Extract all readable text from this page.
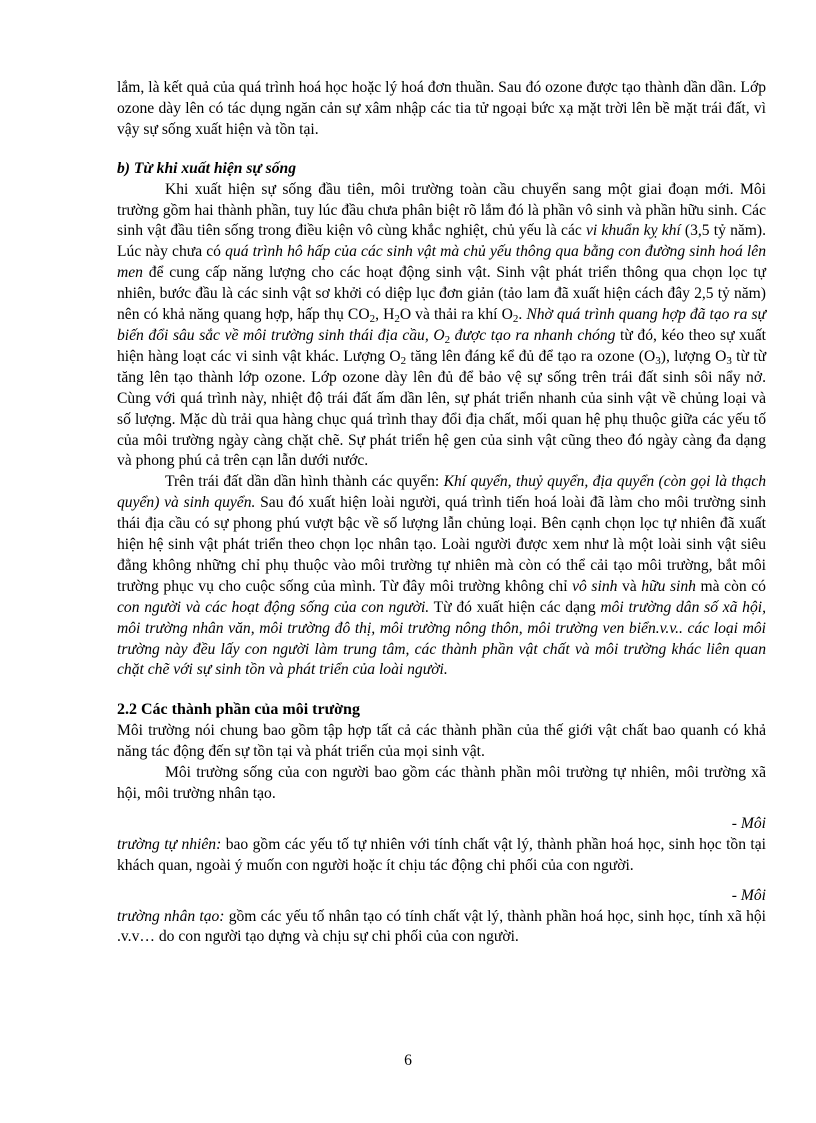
lắm, là kết quả của quá trình hoá học hoặc lý hoá đơn thuần. Sau đó ozone được tạo thành dần dần. Lớp ozone dày lên có tác dụng ngăn cản sự xâm nhập các tia tử ngoại bức xạ mặt trời lên bề mặt trái đất, vì vậy sự sống xuất hiện và tồn tại.

b) Từ khi xuất hiện sự sống

Khi xuất hiện sự sống đầu tiên, môi trường toàn cầu chuyển sang một giai đoạn mới. Môi trường gồm hai thành phần, tuy lúc đầu chưa phân biệt rõ lắm đó là phần vô sinh và phần hữu sinh. Các sinh vật đầu tiên sống trong điều kiện vô cùng khắc nghiệt, chủ yếu là các vi khuẩn kỵ khí (3,5 tỷ năm). Lúc này chưa có quá trình hô hấp của các sinh vật mà chủ yếu thông qua bằng con đường sinh hoá lên men để cung cấp năng lượng cho các hoạt động sinh vật. Sinh vật phát triển thông qua chọn lọc tự nhiên, bước đầu là các sinh vật sơ khởi có diệp lục đơn giản (tảo lam đã xuất hiện cách đây 2,5 tỷ năm) nên có khả năng quang hợp, hấp thụ $CO_2$, $H_2O$ và thải ra khí $O_2$. Nhờ quá trình quang hợp đã tạo ra sự biến đổi sâu sắc về môi trường sinh thái địa cầu, $O_2$ được tạo ra nhanh chóng từ đó, kéo theo sự xuất hiện hàng loạt các vi sinh vật khác. Lượng $O_2$ tăng lên đáng kể đủ để tạo ra ozone $(O_3)$, lượng $O_3$ từ từ tăng lên tạo thành lớp ozone. Lớp ozone dày lên đủ để bảo vệ sự sống trên trái đất sinh sôi nẩy nở. Cùng với quá trình này, nhiệt độ trái đất ấm dần lên, sự phát triển nhanh của sinh vật về chủng loại và số lượng. Mặc dù trải qua hàng chục quá trình thay đổi địa chất, mối quan hệ phụ thuộc giữa các yếu tố của môi trường ngày càng chặt chẽ. Sự phát triển hệ gen của sinh vật cũng theo đó ngày càng đa dạng và phong phú cả trên cạn lẫn dưới nước.

Trên trái đất dần dần hình thành các quyển: Khí quyển, thuỷ quyển, địa quyển (còn gọi là thạch quyển) và sinh quyển. Sau đó xuất hiện loài người, quá trình tiến hoá loài đã làm cho môi trường sinh thái địa cầu có sự phong phú vượt bậc về số lượng lẫn chủng loại. Bên cạnh chọn lọc tự nhiên đã xuất hiện hệ sinh vật phát triển theo chọn lọc nhân tạo. Loài người được xem như là một loài sinh vật siêu đẳng không những chỉ phụ thuộc vào môi trường tự nhiên mà còn có thể cải tạo môi trường, bắt môi trường phục vụ cho cuộc sống của mình. Từ đây môi trường không chỉ vô sinh và hữu sinh mà còn có con người và các hoạt động sống của con người. Từ đó xuất hiện các dạng môi trường dân số xã hội, môi trường nhân văn, môi trường đô thị, môi trường nông thôn, môi trường ven biển.v.v.. các loại môi trường này đều lấy con người làm trung tâm, các thành phần vật chất và môi trường khác liên quan chặt chẽ với sự sinh tồn và phát triển của loài người.

2.2 Các thành phần của môi trường

Môi trường nói chung bao gồm tập hợp tất cả các thành phần của thế giới vật chất bao quanh có khả năng tác động đến sự tồn tại và phát triển của mọi sinh vật.

Môi trường sống của con người bao gồm các thành phần môi trường tự nhiên, môi trường xã hội, môi trường nhân tạo.

- Môi

trường tự nhiên: bao gồm các yếu tố tự nhiên với tính chất vật lý, thành phần hoá học, sinh học tồn tại khách quan, ngoài ý muốn con người hoặc ít chịu tác động chi phối của con người.

- Môi

trường nhân tạo: gồm các yếu tố nhân tạo có tính chất vật lý, thành phần hoá học, sinh học, tính xã hội .v.v… do con người tạo dựng và chịu sự chi phối của con người.

6
